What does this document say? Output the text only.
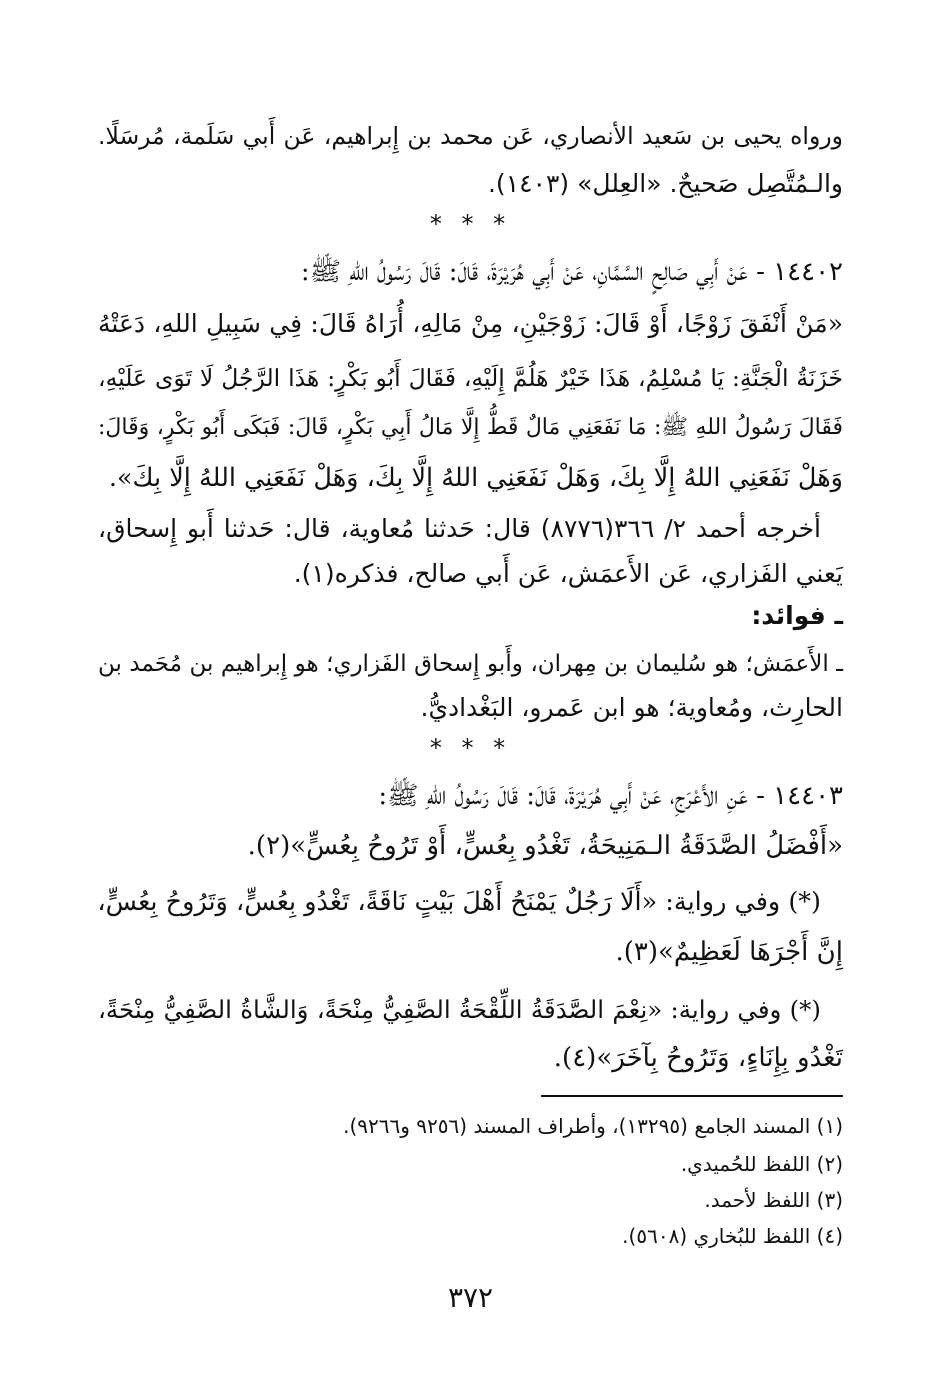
ورواه يحيى بن سَعيد الأنصاري، عَن محمد بن إِبراهيم، عَن أَبي سَلَمة، مُرسَلًا.

والـمُتَّصِل صَحيحٌ. «العِلل» (١٤٠٣).

* * *

١٤٤٠٢ - عَنْ أَبِي صَالِحٍ السَّمَّانِ، عَنْ أَبِي هُرَيْرَةَ، قَالَ: قَالَ رَسُولُ اللهِ ﷺ:

«مَنْ أَنْفَقَ زَوْجًا، أَوْ قَالَ: زَوْجَيْنِ، مِنْ مَالِهِ، أُرَاهُ قَالَ: فِي سَبِيلِ اللهِ، دَعَتْهُ

خَزَنَةُ الْجَنَّةِ: يَا مُسْلِمُ، هَذَا خَيْرٌ هَلُمَّ إِلَيْهِ، فَقَالَ أَبُو بَكْرٍ: هَذَا الرَّجُلُ لَا تَوَى عَلَيْهِ،

فَقَالَ رَسُولُ اللهِ ﷺ: مَا نَفَعَنِي مَالٌ قَطُّ إِلَّا مَالُ أَبِي بَكْرٍ، قَالَ: فَبَكَى أَبُو بَكْرٍ، وَقَالَ:

وَهَلْ نَفَعَنِي اللهُ إِلَّا بِكَ، وَهَلْ نَفَعَنِي اللهُ إِلَّا بِكَ، وَهَلْ نَفَعَنِي اللهُ إِلَّا بِكَ».

أخرجه أحمد ٢/ ٣٦٦(٨٧٧٦) قال: حَدثنا مُعاوية، قال: حَدثنا أَبو إِسحاق،

يَعني الفَزاري، عَن الأَعمَش، عَن أَبي صالح، فذكره(١).

ـ فوائد:

ـ الأَعمَش؛ هو سُليمان بن مِهران، وأَبو إِسحاق الفَزاري؛ هو إِبراهيم بن مُحَمد بن

الحارِث، ومُعاوية؛ هو ابن عَمرو، البَغْداديُّ.

* * *

١٤٤٠٣ - عَنِ الأَعْرَجِ، عَنْ أَبِي هُرَيْرَةَ، قَالَ: قَالَ رَسُولُ اللهِ ﷺ:

«أَفْضَلُ الصَّدَقَةُ الـمَنِيحَةُ، تَغْدُو بِعُسٍّ، أَوْ تَرُوحُ بِعُسٍّ»(٢).

(*) وفي رواية: «أَلَا رَجُلٌ يَمْنَحُ أَهْلَ بَيْتٍ نَاقَةً، تَغْدُو بِعُسٍّ، وَتَرُوحُ بِعُسٍّ،

إِنَّ أَجْرَهَا لَعَظِيمٌ»(٣).

(*) وفي رواية: «نِعْمَ الصَّدَقَةُ اللِّقْحَةُ الصَّفِيُّ مِنْحَةً، وَالشَّاةُ الصَّفِيُّ مِنْحَةً،

تَغْدُو بِإِنَاءٍ، وَتَرُوحُ بِآخَرَ»(٤).

(١) المسند الجامع (١٣٢٩٥)، وأطراف المسند (٩٢٥٦ و٩٢٦٦).

(٢) اللفظ للحُميدي.

(٣) اللفظ لأحمد.

(٤) اللفظ للبُخاري (٥٦٠٨).

٣٧٢
